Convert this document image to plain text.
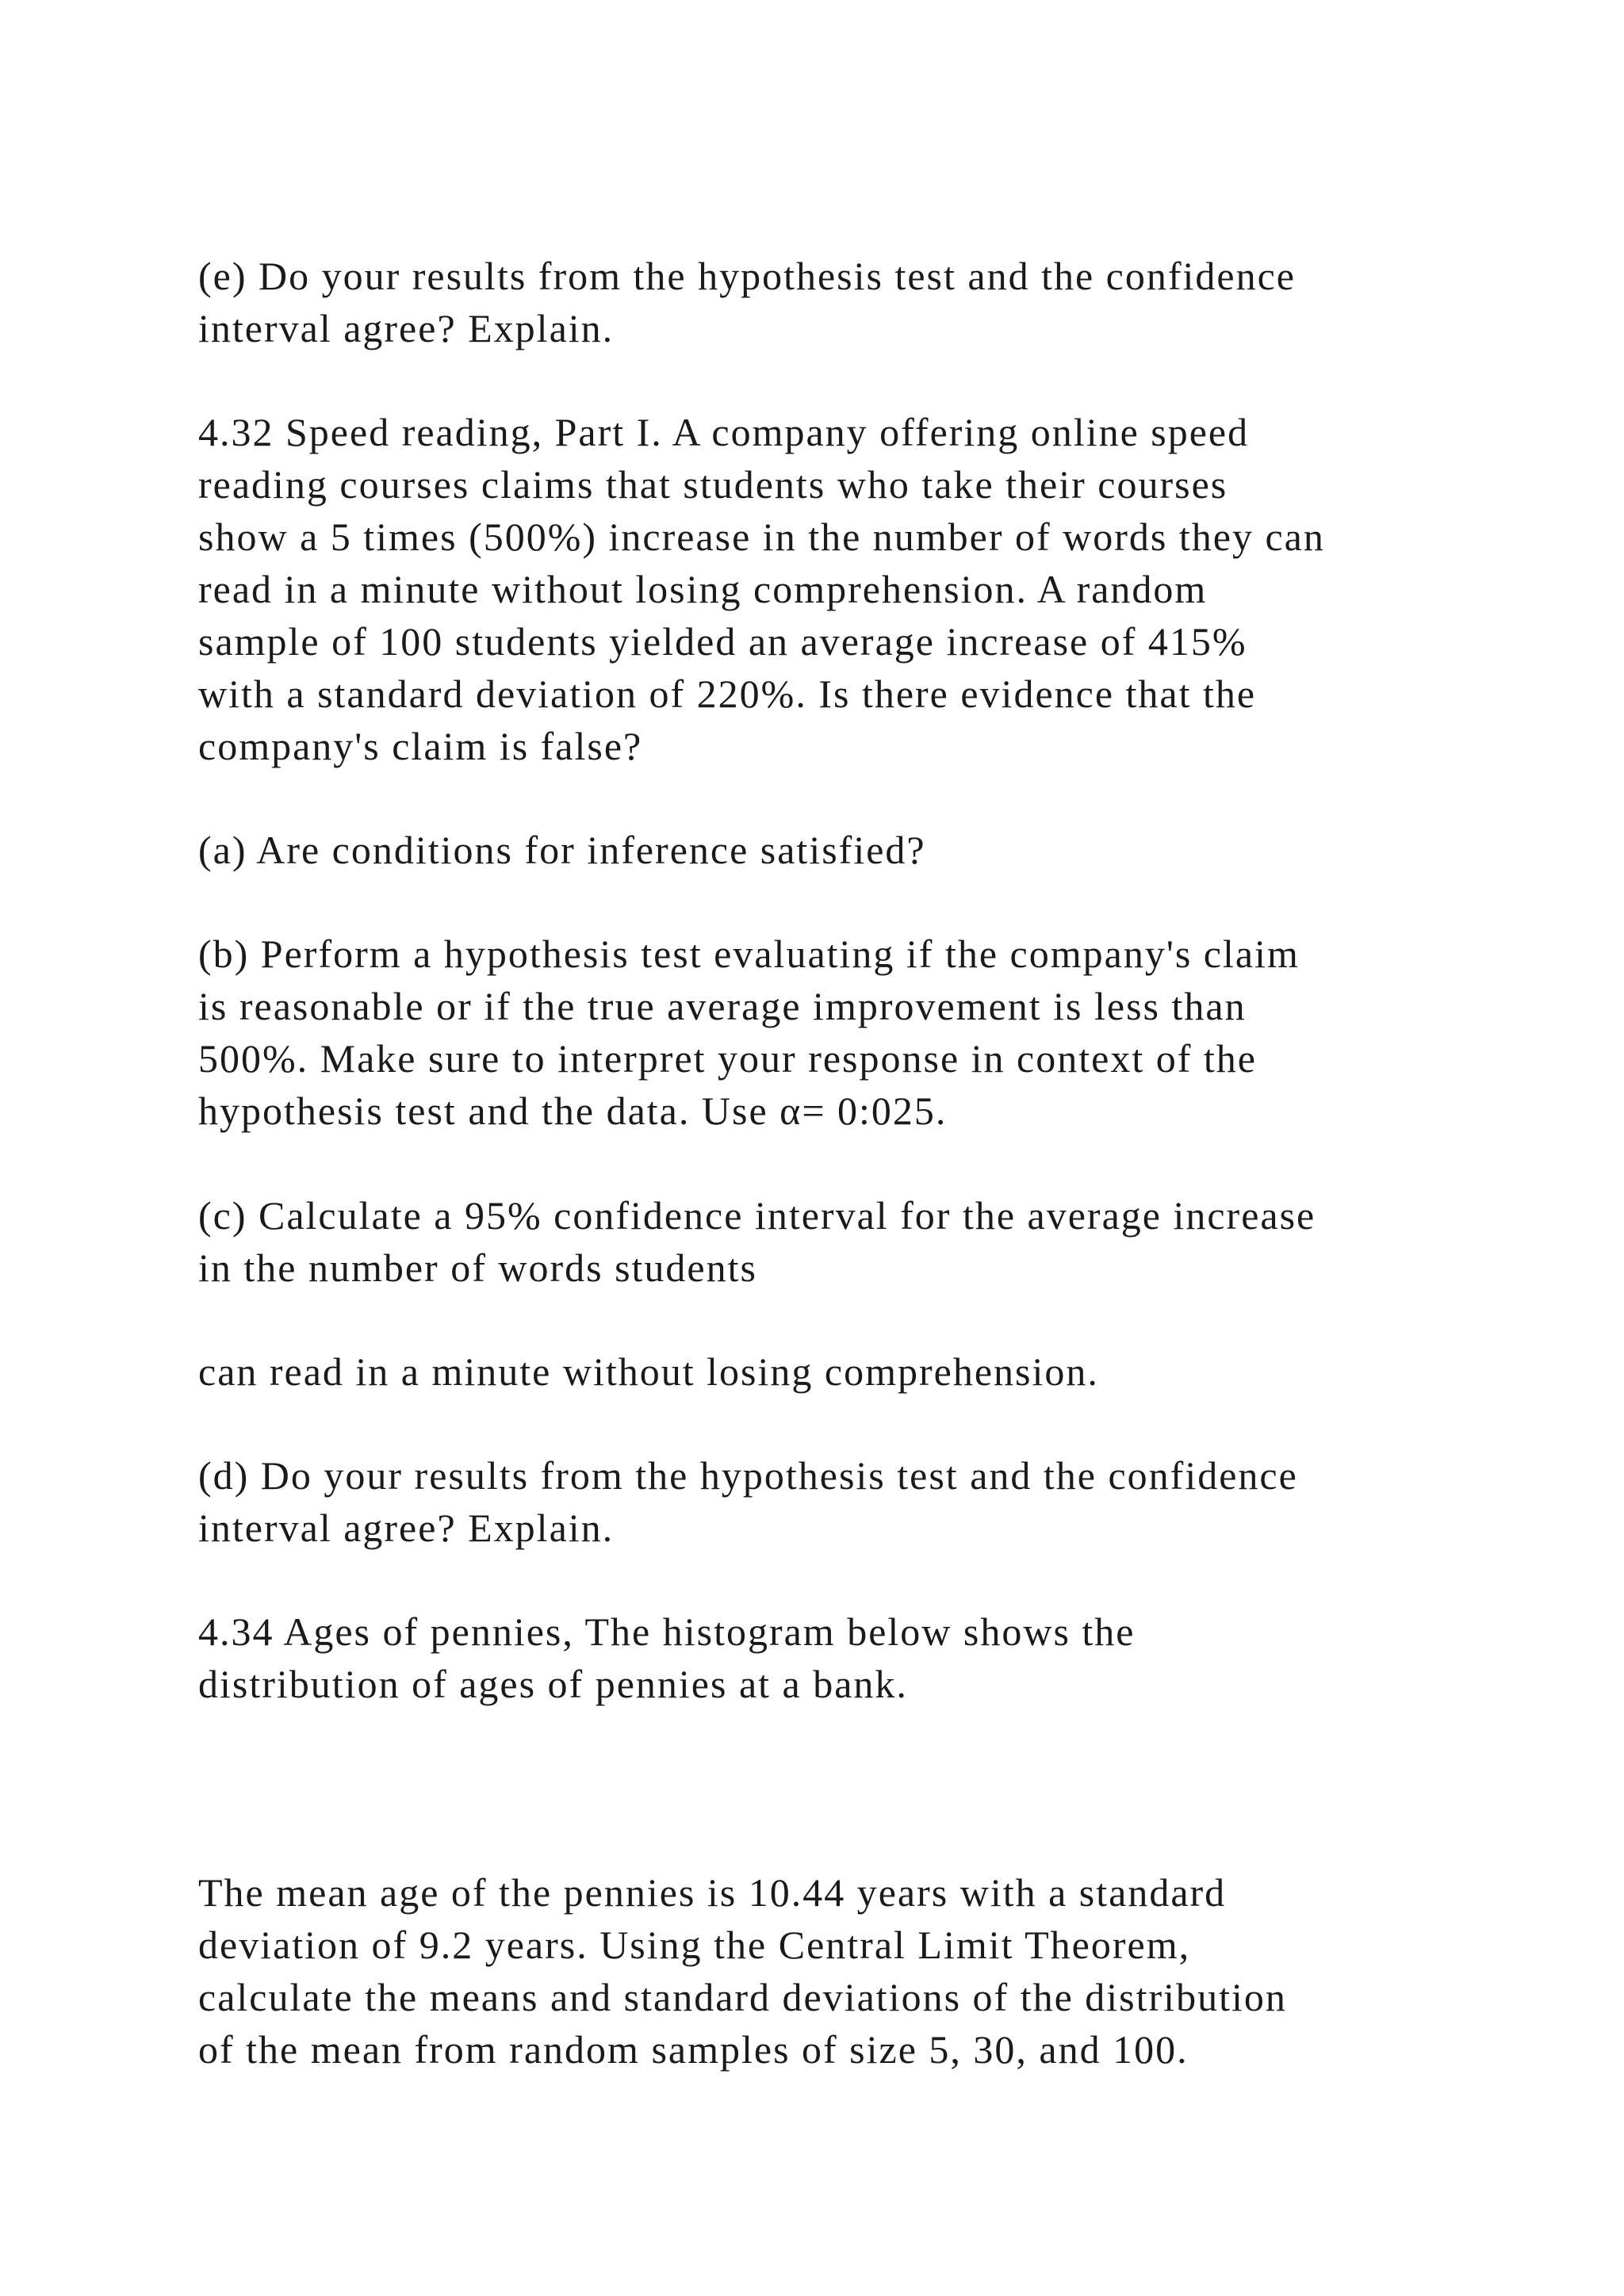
(e) Do your results from the hypothesis test and the confidence
interval agree? Explain.
4.32 Speed reading, Part I. A company offering online speed
reading courses claims that students who take their courses
show a 5 times (500%) increase in the number of words they can
read in a minute without losing comprehension. A random
sample of 100 students yielded an average increase of 415%
with a standard deviation of 220%. Is there evidence that the
company's claim is false?
(a) Are conditions for inference satisfied?
(b) Perform a hypothesis test evaluating if the company's claim
is reasonable or if the true average improvement is less than
500%. Make sure to interpret your response in context of the
hypothesis test and the data. Use α= 0:025.
(c) Calculate a 95% confidence interval for the average increase
in the number of words students
can read in a minute without losing comprehension.
(d) Do your results from the hypothesis test and the confidence
interval agree? Explain.
4.34 Ages of pennies, The histogram below shows the
distribution of ages of pennies at a bank.
The mean age of the pennies is 10.44 years with a standard
deviation of 9.2 years. Using the Central Limit Theorem,
calculate the means and standard deviations of the distribution
of the mean from random samples of size 5, 30, and 100.
